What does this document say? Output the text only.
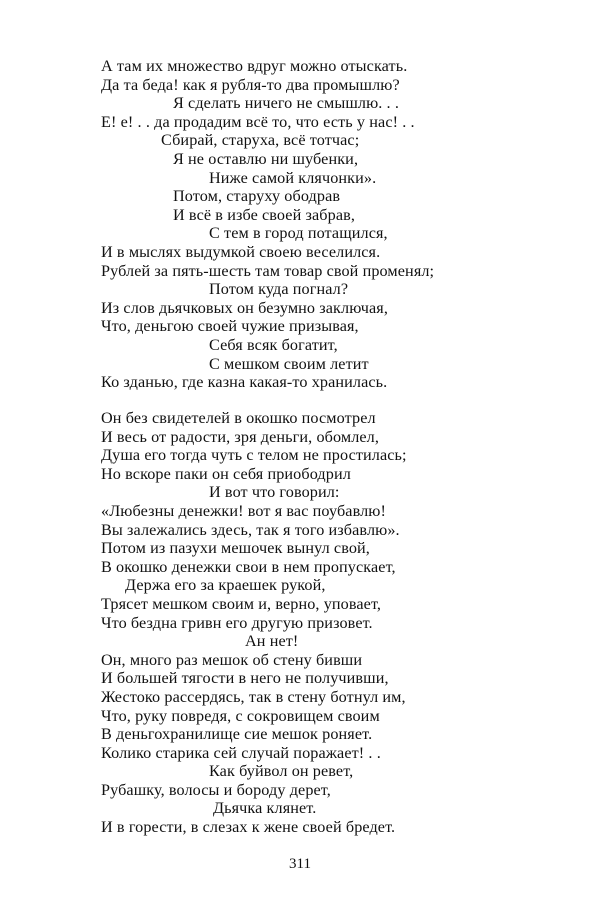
А там их множество вдруг можно отыскать.
Да та беда! как я рубля-то два промышлю?
Я сделать ничего не смышлю. . .
Е! е! . . да продадим всё то, что есть у нас! . .
Сбирай, старуха, всё тотчас;
Я не оставлю ни шубенки,
Ниже самой клячонки».
Потом, старуху ободрав
И всё в избе своей забрав,
С тем в город потащился,
И в мыслях выдумкой своею веселился.
Рублей за пять-шесть там товар свой променял;
Потом куда погнал?
Из слов дьячковых он безумно заключая,
Что, деньгою своей чужие призывая,
Себя всяк богатит,
С мешком своим летит
Ко зданью, где казна какая-то хранилась.
Он без свидетелей в окошко посмотрел
И весь от радости, зря деньги, обомлел,
Душа его тогда чуть с телом не простилась;
Но вскоре паки он себя приободрил
И вот что говорил:
«Любезны денежки! вот я вас поубавлю!
Вы залежались здесь, так я того избавлю».
Потом из пазухи мешочек вынул свой,
В окошко денежки свои в нем пропускает,
Держа его за краешек рукой,
Трясет мешком своим и, верно, уповает,
Что бездна гривн его другую призовет.
Ан нет!
Он, много раз мешок об стену бивши
И большей тягости в него не получивши,
Жестоко рассердясь, так в стену ботнул им,
Что, руку повредя, с сокровищем своим
В деньгохранилище сие мешок роняет.
Колико старика сей случай поражает! . .
Как буйвол он ревет,
Рубашку, волосы и бороду дерет,
Дьячка клянет.
И в горести, в слезах к жене своей бредет.
311
